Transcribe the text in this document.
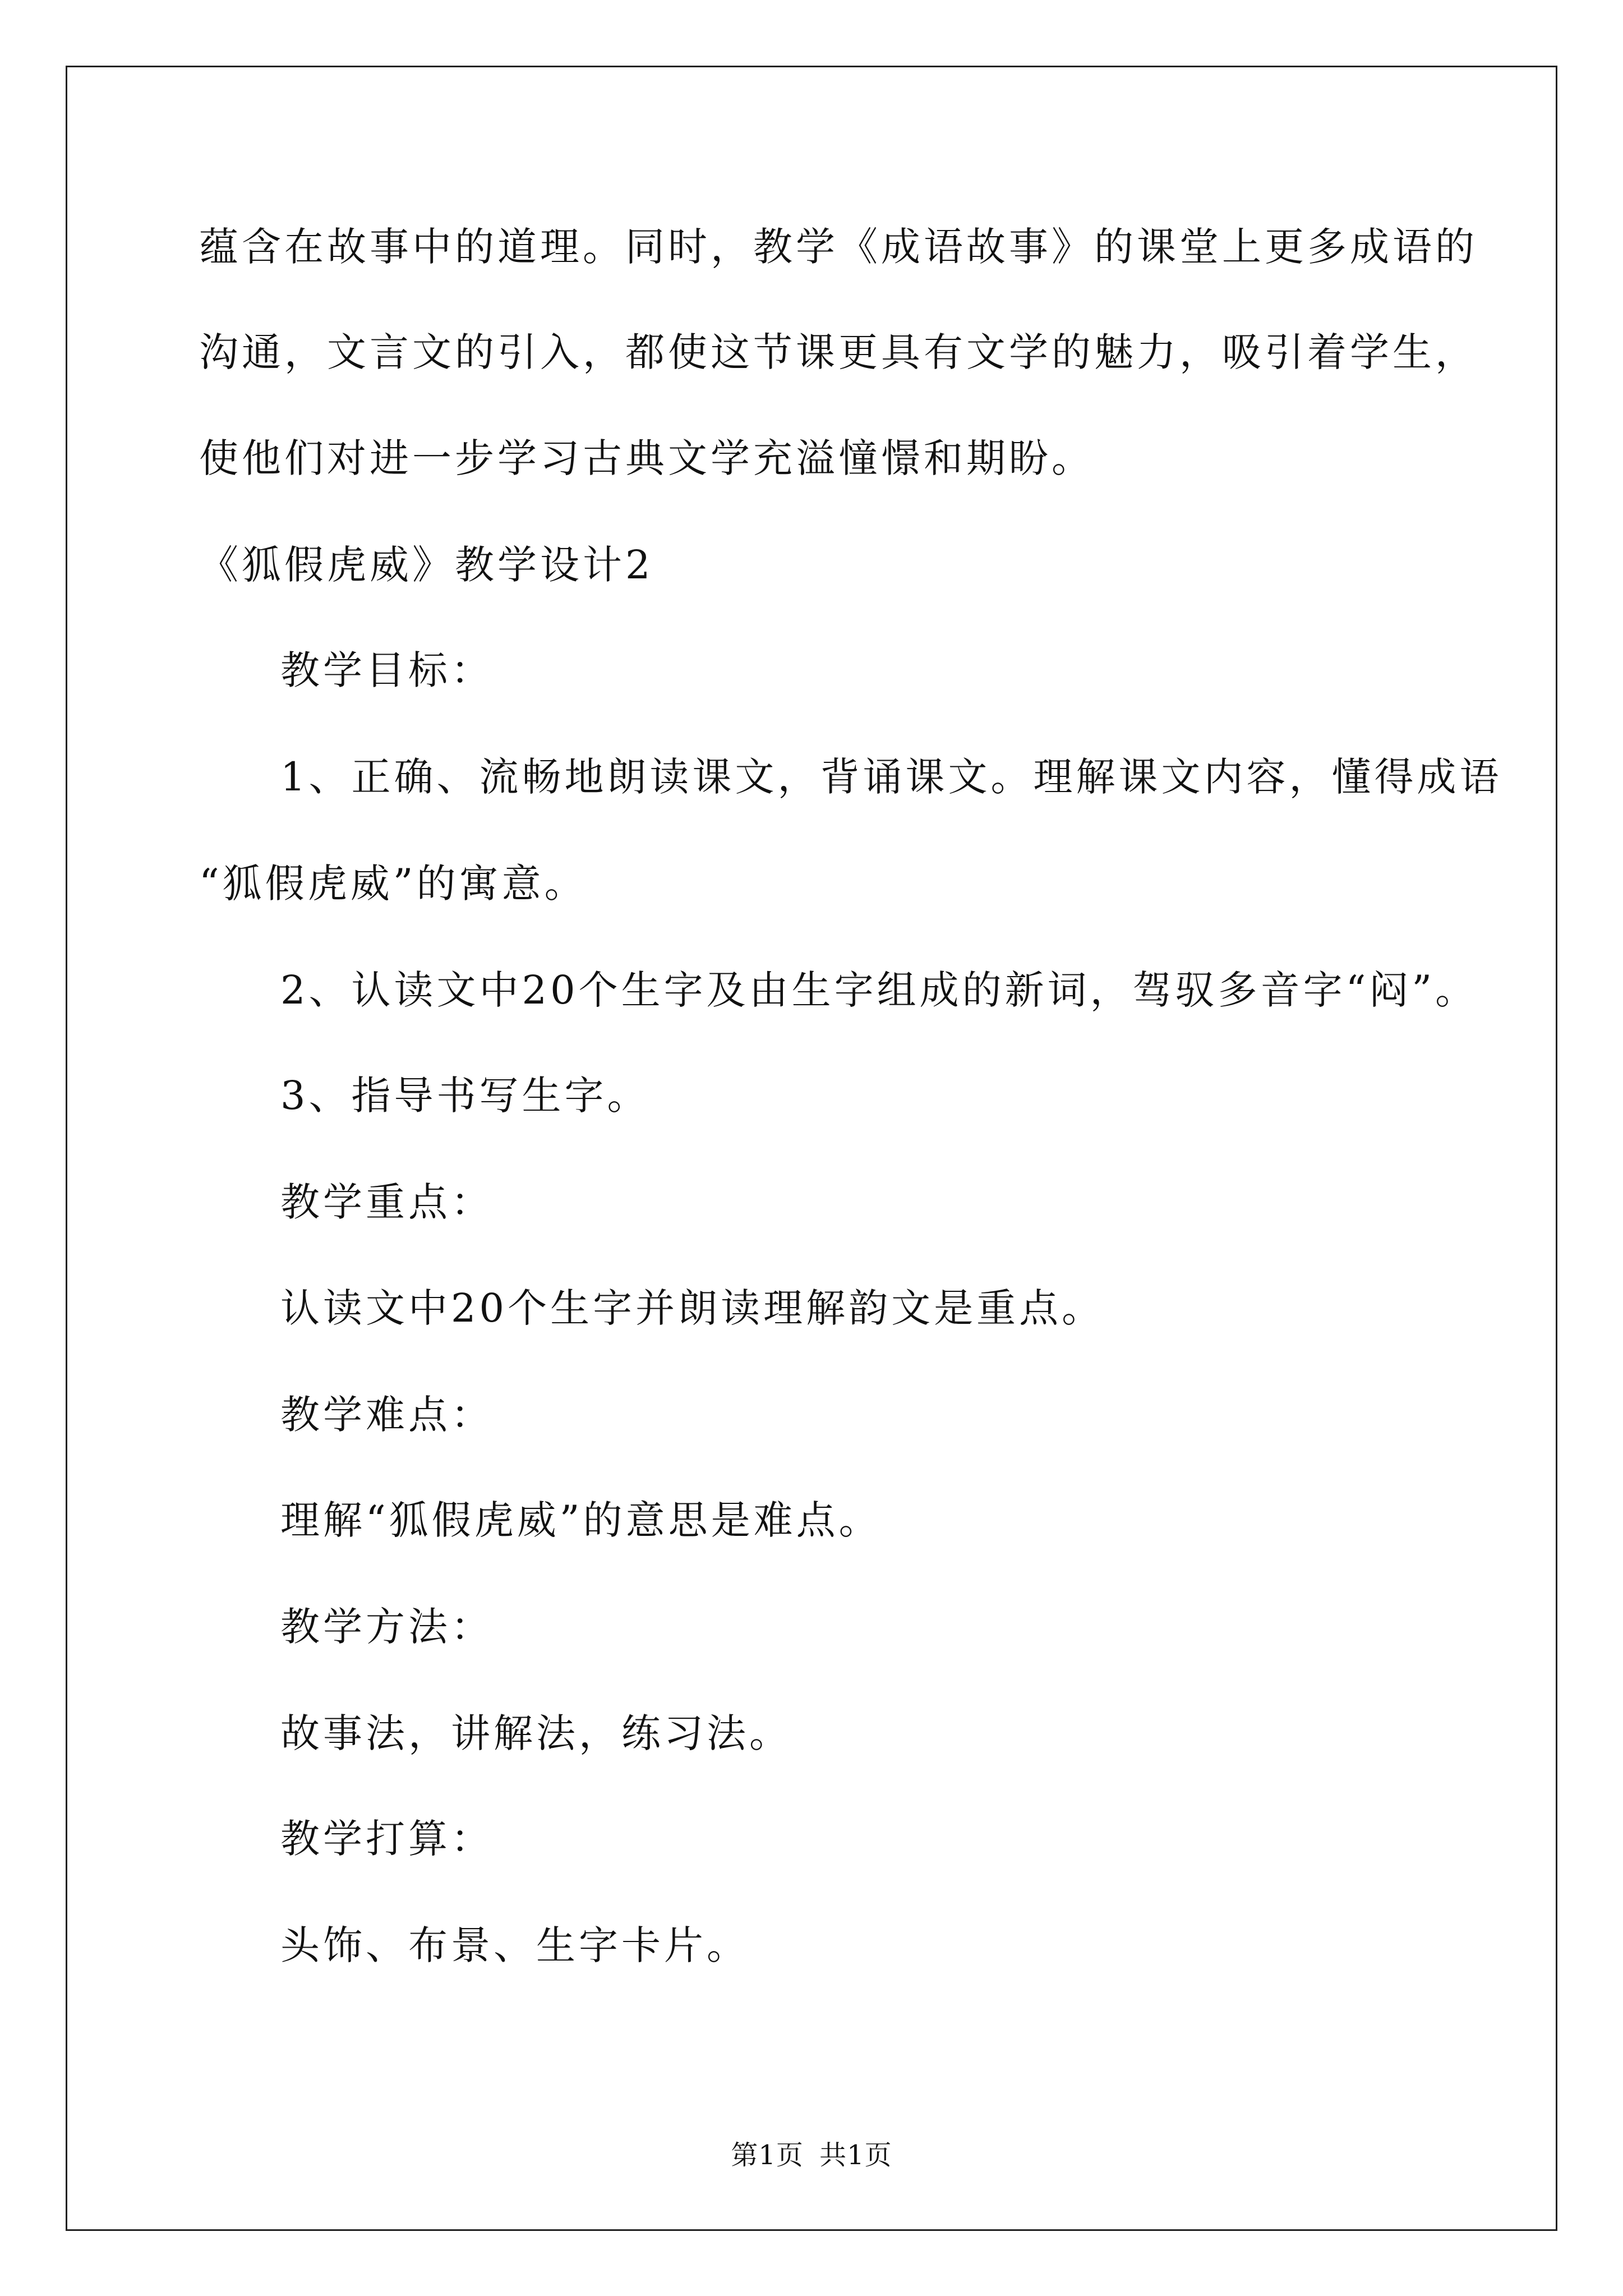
蕴含在故事中的道理。同时，教学《成语故事》的课堂上更多成语的
沟通，文言文的引入，都使这节课更具有文学的魅力，吸引着学生，
使他们对进一步学习古典文学充溢憧憬和期盼。
《狐假虎威》教学设计2
教学目标：
1、正确、流畅地朗读课文，背诵课文。理解课文内容，懂得成语
“狐假虎威”的寓意。
2、认读文中20个生字及由生字组成的新词，驾驭多音字“闷”。
3、指导书写生字。
教学重点：
认读文中20个生字并朗读理解韵文是重点。
教学难点：
理解“狐假虎威”的意思是难点。
教学方法：
故事法，讲解法，练习法。
教学打算：
头饰、布景、生字卡片。
第1页 共1页
